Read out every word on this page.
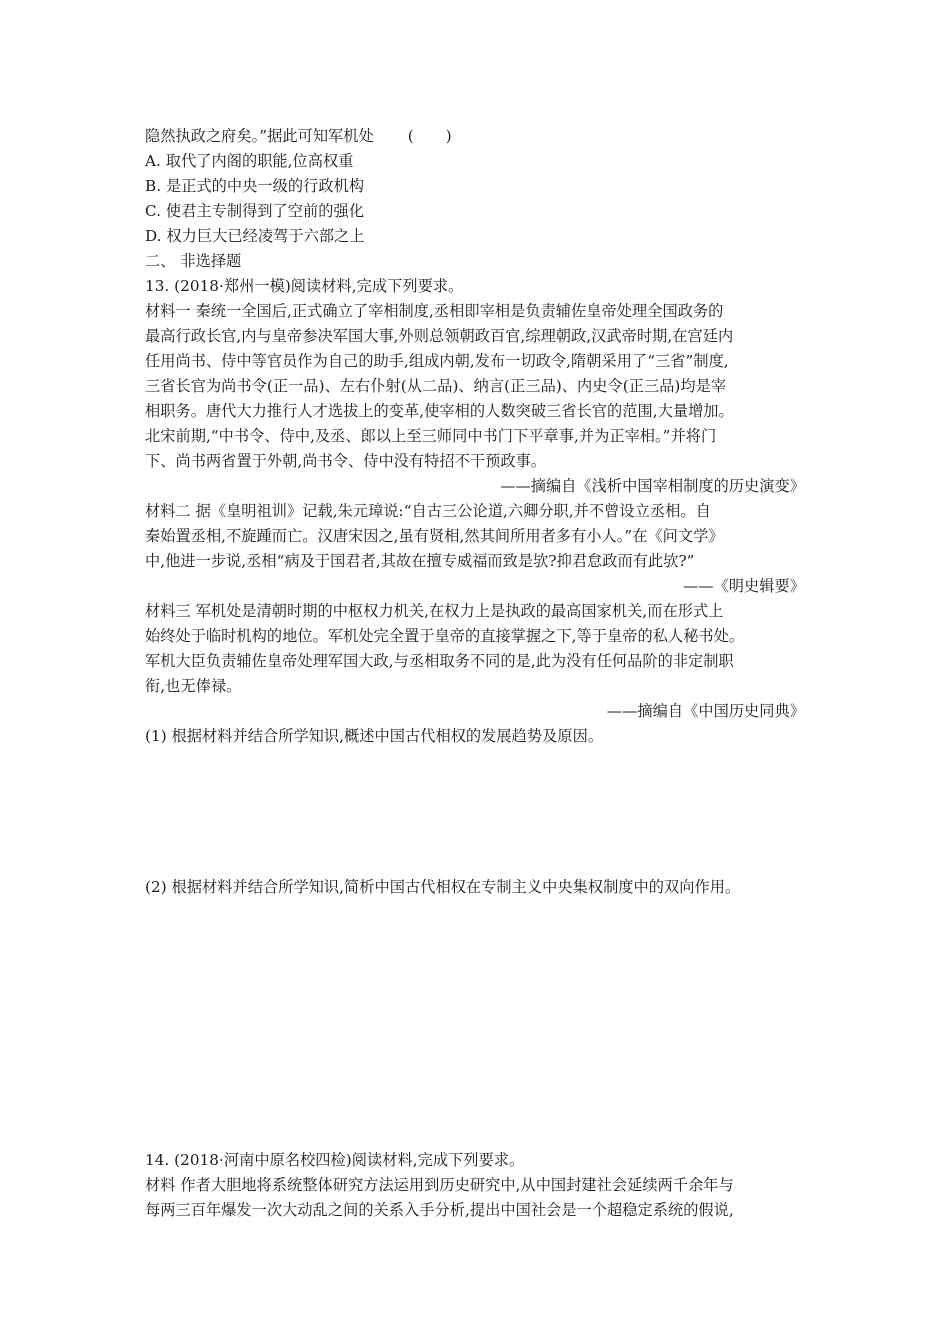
隐然执政之府矣。”据此可知军机处 ( )
A. 取代了内阁的职能,位高权重
B. 是正式的中央一级的行政机构
C. 使君主专制得到了空前的强化
D. 权力巨大已经凌驾于六部之上
二、 非选择题
13. (2018·郑州一模)阅读材料,完成下列要求。
材料一 秦统一全国后,正式确立了宰相制度,丞相即宰相是负责辅佐皇帝处理全国政务的
最高行政长官,内与皇帝参决军国大事,外则总领朝政百官,综理朝政,汉武帝时期,在宫廷内
任用尚书、侍中等官员作为自己的助手,组成内朝,发布一切政令,隋朝采用了“三省”制度,
三省长官为尚书令(正一品)、左右仆射(从二品)、纳言(正三品)、内史令(正三品)均是宰
相职务。唐代大力推行人才选拔上的变革,使宰相的人数突破三省长官的范围,大量增加。
北宋前期,“中书令、侍中,及丞、郎以上至三师同中书门下平章事,并为正宰相。”并将门
下、尚书两省置于外朝,尚书令、侍中没有特招不干预政事。
——摘编自《浅析中国宰相制度的历史演变》
材料二 据《皇明祖训》记载,朱元璋说:“自古三公论道,六卿分职,并不曾设立丞相。自
秦始置丞相,不旋踵而亡。汉唐宋因之,虽有贤相,然其间所用者多有小人。”在《问文学》
中,他进一步说,丞相“病及于国君者,其故在擅专威福而致是欤?抑君怠政而有此欤?”
——《明史辑要》
材料三 军机处是清朝时期的中枢权力机关,在权力上是执政的最高国家机关,而在形式上
始终处于临时机构的地位。军机处完全置于皇帝的直接掌握之下,等于皇帝的私人秘书处。
军机大臣负责辅佐皇帝处理军国大政,与丞相取务不同的是,此为没有任何品阶的非定制职
衔,也无俸禄。
——摘编自《中国历史同典》
(1) 根据材料并结合所学知识,概述中国古代相权的发展趋势及原因。
(2) 根据材料并结合所学知识,简析中国古代相权在专制主义中央集权制度中的双向作用。
14. (2018·河南中原名校四检)阅读材料,完成下列要求。
材料 作者大胆地将系统整体研究方法运用到历史研究中,从中国封建社会延续两千余年与
每两三百年爆发一次大动乱之间的关系入手分析,提出中国社会是一个超稳定系统的假说,
